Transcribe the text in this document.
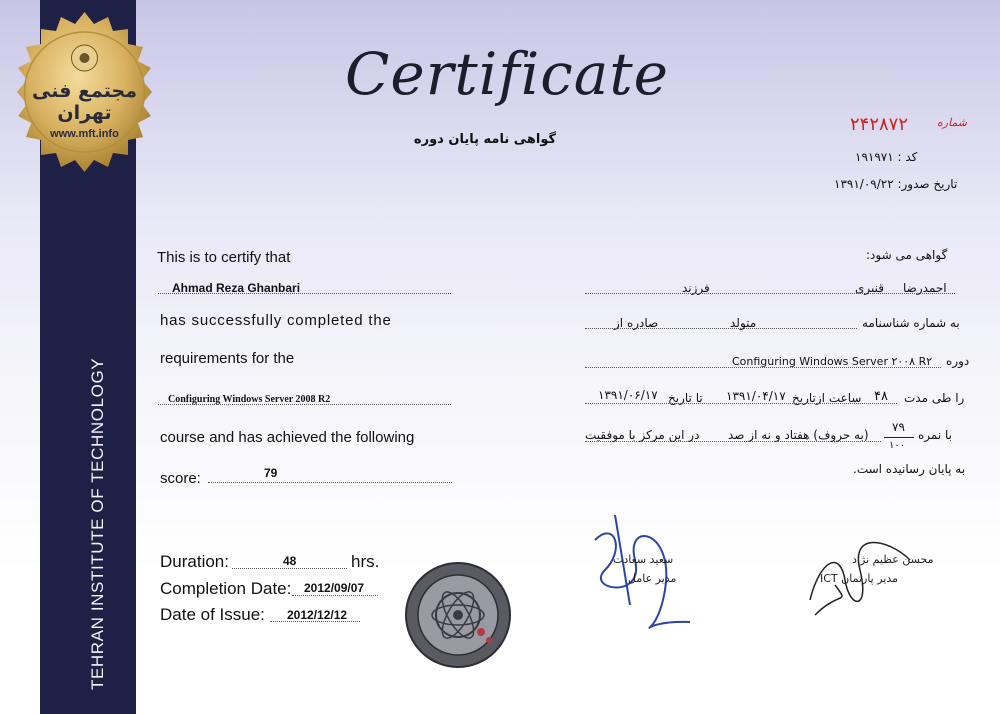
TEHRAN INSTITUTE OF TECHNOLOGY
مجتمع فنی تهران
www.mft.info
Certificate
گواهی نامه پایان دوره
۲۴۲۸۷۲	شماره
کد : ۱۹۱۹۷۱
تاریخ صدور: ۱۳۹۱/۰۹/۲۲
This is to certify that
Ahmad Reza Ghanbari
has successfully completed the
requirements for the
Configuring Windows Server 2008 R2
course and has achieved the following
score:	79
Duration:	48	hrs.
Completion Date: 2012/09/07
Date of Issue: 2012/12/12
گواهی می شود:
احمدرضا
قنبری
فرزند
به شماره شناسنامه
متولد
صادره از
دوره
Configuring Windows Server ۲۰۰۸ R۲
را طی مدت
۴۸
ساعت ازتاریخ
۱۳۹۱/۰۴/۱۷
تا تاریخ
۱۳۹۱/۰۶/۱۷
با نمره
۷۹
۱۰۰
(به حروف) هفتاد و نه از صد
در این مرکز با موفقیت
به پایان رسانیده است.
سعید سعادت
مدیر عامل
محسن عظیم نژاد
مدیر پارتمان ICT
